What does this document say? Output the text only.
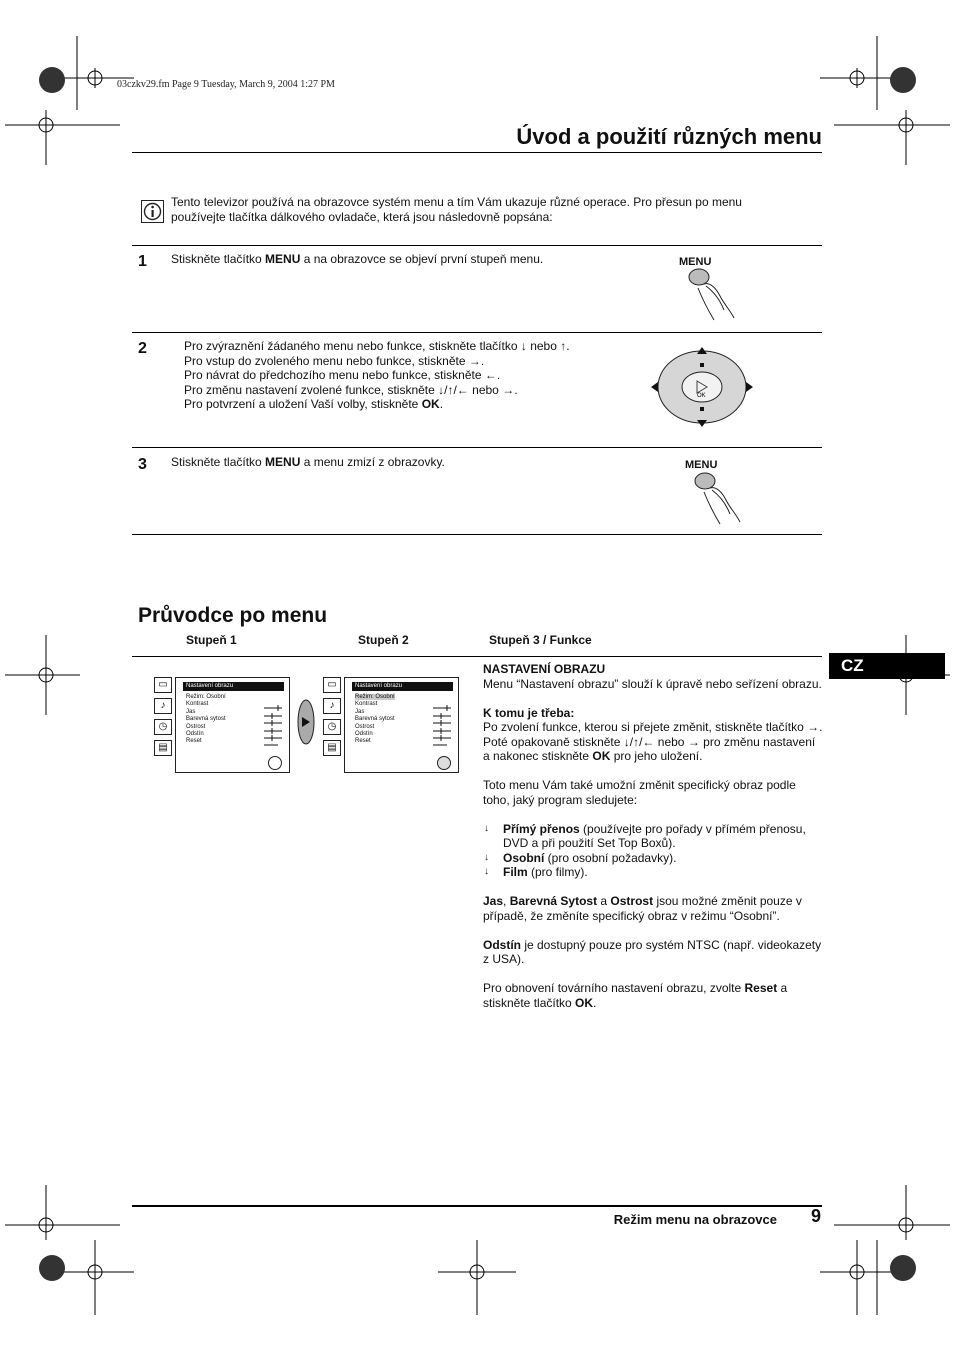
03czkv29.fm Page 9 Tuesday, March 9, 2004 1:27 PM
Úvod a použití různých menu
Tento televizor používá na obrazovce systém menu a tím Vám ukazuje různé operace. Pro přesun po menu
používejte tlačítka dálkového ovladače, která jsou následovně popsána:
1 Stiskněte tlačítko MENU a na obrazovce se objeví první stupeň menu.	MENU
2	Pro zvýraznění žádaného menu nebo funkce, stiskněte tlačítko ↓ nebo ↑.
Pro vstup do zvoleného menu nebo funkce, stiskněte →.
Pro návrat do předchozího menu nebo funkce, stiskněte ←.
Pro změnu nastavení zvolené funkce, stiskněte ↓/↑/← nebo →.
Pro potvrzení a uložení Vaší volby, stiskněte OK.
OK
3 Stiskněte tlačítko MENU a menu zmizí z obrazovky.	MENU
Průvodce po menu
Stupeň 1	Stupeň 2	Stupeň 3 / Funkce
CZ
▭
♪
◷
▤
Nastavení obrazu
Režim: Osobní
Kontrast
Jas
Barevná sytost
Ostrost
Odstín
Reset
▭
♪
◷
▤
Nastavení obrazu
Režim: Osobní
Kontrast
Jas
Barevná sytost
Ostrost
Odstín
Reset
NASTAVENÍ OBRAZU

Menu “Nastavení obrazu” slouží k úpravě nebo seřízení obrazu.

K tomu je třeba:

Po zvolení funkce, kterou si přejete změnit, stiskněte tlačítko →. Poté opakovaně stiskněte ↓/↑/← nebo → pro změnu nastavení a nakonec stiskněte OK pro jeho uložení.

Toto menu Vám také umožní změnit specifický obraz podle toho, jaký program sledujete:

↓ Přímý přenos (používejte pro pořady v přímém přenosu, DVD a při použití Set Top Boxů).
↓ Osobní (pro osobní požadavky).
↓ Film (pro filmy).

Jas, Barevná Sytost a Ostrost jsou možné změnit pouze v případě, že změníte specifický obraz v režimu “Osobní”.

Odstín je dostupný pouze pro systém NTSC (např. videokazety z USA).

Pro obnovení továrního nastavení obrazu, zvolte Reset a stiskněte tlačítko OK.

Režim menu na obrazovce 9
